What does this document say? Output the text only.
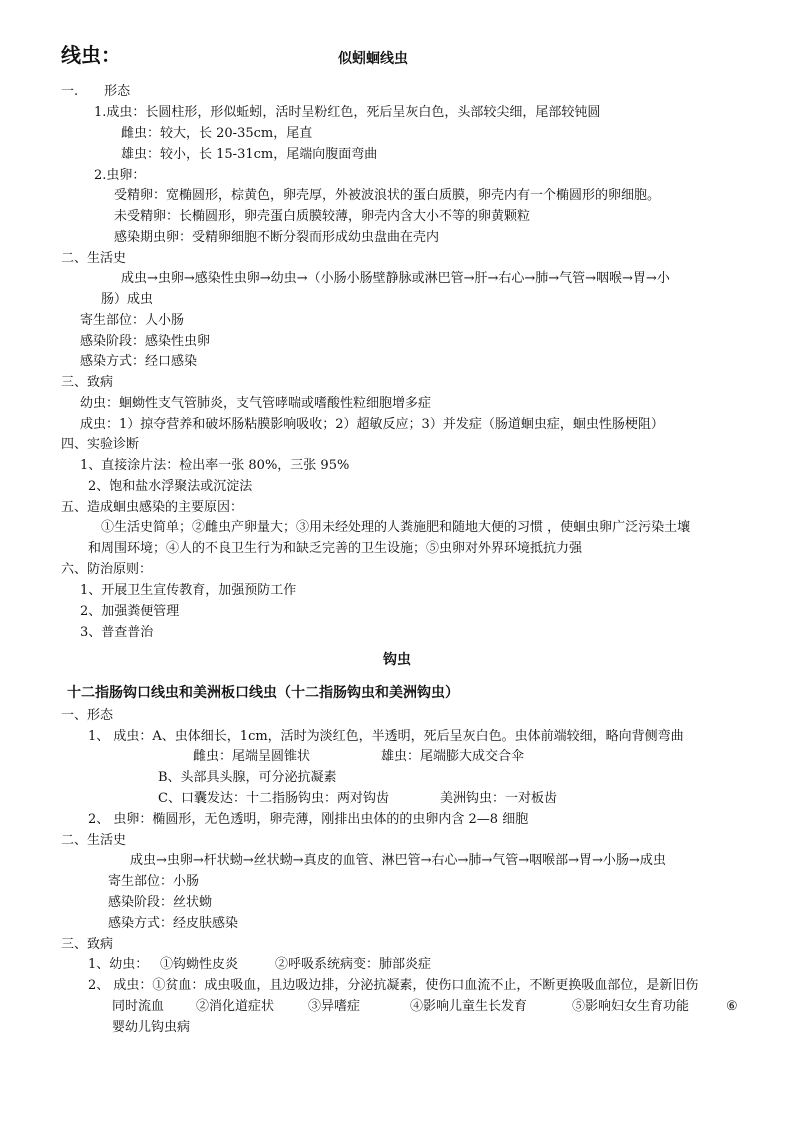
线虫：	似蚓蛔线虫
一.　　形态
1.成虫：长圆柱形，形似蚯蚓，活时呈粉红色，死后呈灰白色，头部较尖细，尾部较钝圆
雌虫：较大，长 20-35cm，尾直
雄虫：较小，长 15-31cm，尾端向腹面弯曲
2.虫卵：
受精卵：宽椭圆形，棕黄色，卵壳厚，外被波浪状的蛋白质膜，卵壳内有一个椭圆形的卵细胞。
未受精卵：长椭圆形，卵壳蛋白质膜较薄，卵壳内含大小不等的卵黄颗粒
感染期虫卵：受精卵细胞不断分裂而形成幼虫盘曲在壳内
二、生活史
成虫→虫卵→感染性虫卵→幼虫→（小肠小肠壁静脉或淋巴管→肝→右心→肺→气管→咽喉→胃→小
肠）成虫
寄生部位：人小肠
感染阶段：感染性虫卵
感染方式：经口感染
三、致病
幼虫：蛔蚴性支气管肺炎，支气管哮喘或嗜酸性粒细胞增多症
成虫：1）掠夺营养和破坏肠粘膜影响吸收；2）超敏反应；3）并发症（肠道蛔虫症，蛔虫性肠梗阻）
四、实验诊断
1、直接涂片法：检出率一张 80%，三张 95%
2、饱和盐水浮聚法或沉淀法
五、造成蛔虫感染的主要原因：
①生活史简单；②雌虫产卵量大；③用未经处理的人粪施肥和随地大便的习惯 ，使蛔虫卵广泛污染土壤
和周围环境；④人的不良卫生行为和缺乏完善的卫生设施；⑤虫卵对外界环境抵抗力强
六、防治原则：
1、开展卫生宣传教育，加强预防工作
2、加强粪便管理
3、普查普治
钩虫
十二指肠钩口线虫和美洲板口线虫（十二指肠钩虫和美洲钩虫）
一、形态
1、 成虫：A、虫体细长，1cm，活时为淡红色，半透明，死后呈灰白色。虫体前端较细，略向背侧弯曲
雌虫：尾端呈圆锥状	雄虫：尾端膨大成交合伞
B、头部具头腺，可分泌抗凝素
C、口囊发达：十二指肠钩虫：两对钩齿	美洲钩虫：一对板齿
2、 虫卵：椭圆形，无色透明，卵壳薄，刚排出虫体的的虫卵内含 2—8 细胞
二、生活史
成虫→虫卵→杆状蚴→丝状蚴→真皮的血管、淋巴管→右心→肺→气管→咽喉部→胃→小肠→成虫
寄生部位：小肠
感染阶段：丝状蚴
感染方式：经皮肤感染
三、致病
1、幼虫： ①钩蚴性皮炎	②呼吸系统病变：肺部炎症
2、 成虫：①贫血：成虫吸血，且边吸边排，分泌抗凝素，使伤口血流不止，不断更换吸血部位，是新旧伤
同时流血 ②消化道症状	③异嗜症	④影响儿童生长发育	⑤影响妇女生育功能	⑥
婴幼儿钩虫病
